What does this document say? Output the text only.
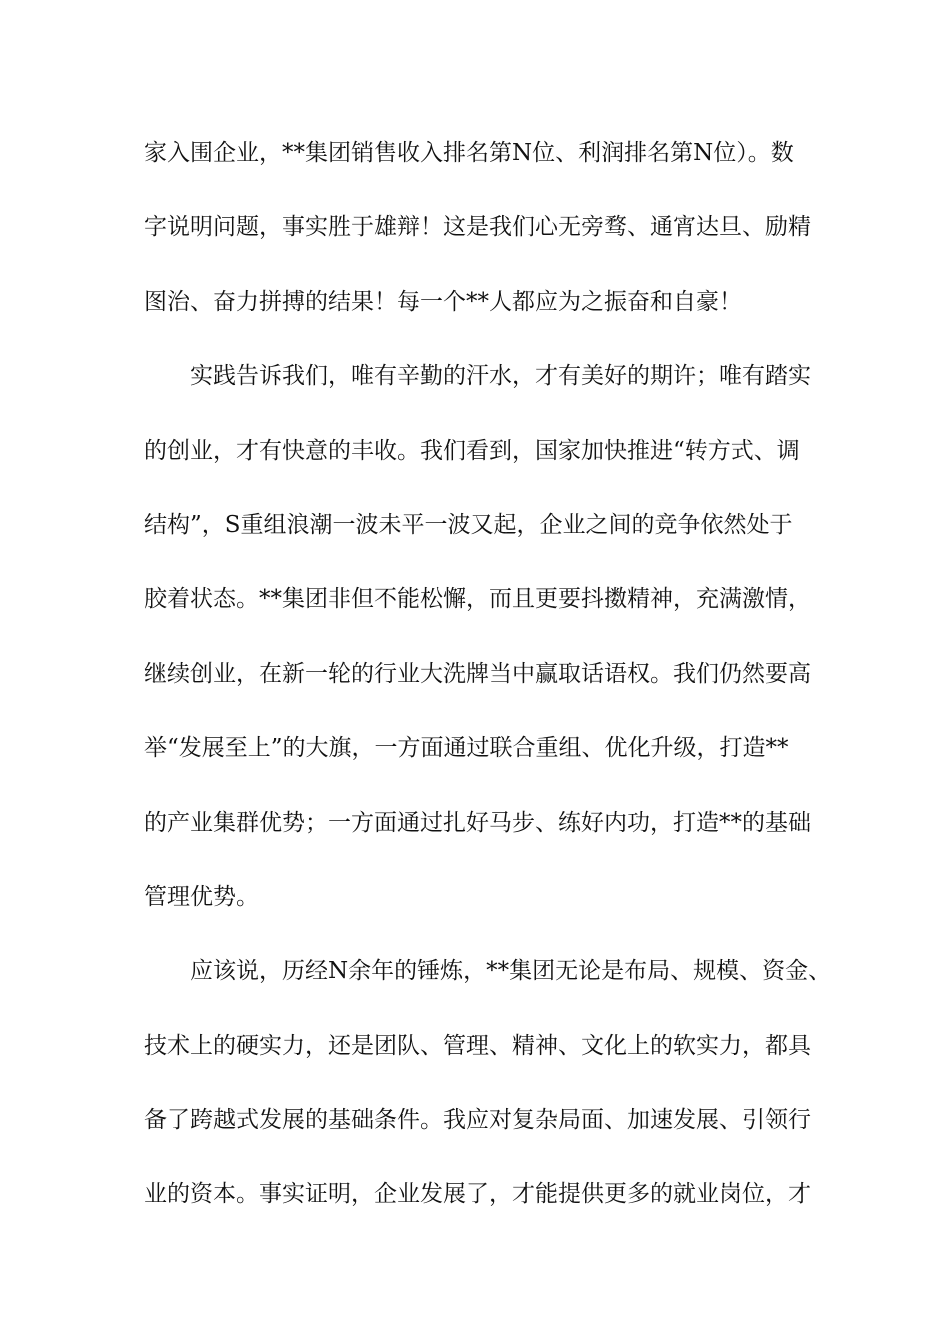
家入围企业，**集团销售收入排名第N位、利润排名第N位）。数
字说明问题，事实胜于雄辩！这是我们心无旁骛、通宵达旦、励精
图治、奋力拼搏的结果！每一个**人都应为之振奋和自豪！
实践告诉我们，唯有辛勤的汗水，才有美好的期许；唯有踏实
的创业，才有快意的丰收。我们看到，国家加快推进“转方式、调
结构”，S重组浪潮一波未平一波又起，企业之间的竞争依然处于
胶着状态。**集团非但不能松懈，而且更要抖擞精神，充满激情，
继续创业，在新一轮的行业大洗牌当中赢取话语权。我们仍然要高
举“发展至上”的大旗，一方面通过联合重组、优化升级，打造**
的产业集群优势；一方面通过扎好马步、练好内功，打造**的基础
管理优势。
应该说，历经N余年的锤炼，**集团无论是布局、规模、资金、
技术上的硬实力，还是团队、管理、精神、文化上的软实力，都具
备了跨越式发展的基础条件。我应对复杂局面、加速发展、引领行
业的资本。事实证明，企业发展了，才能提供更多的就业岗位，才
